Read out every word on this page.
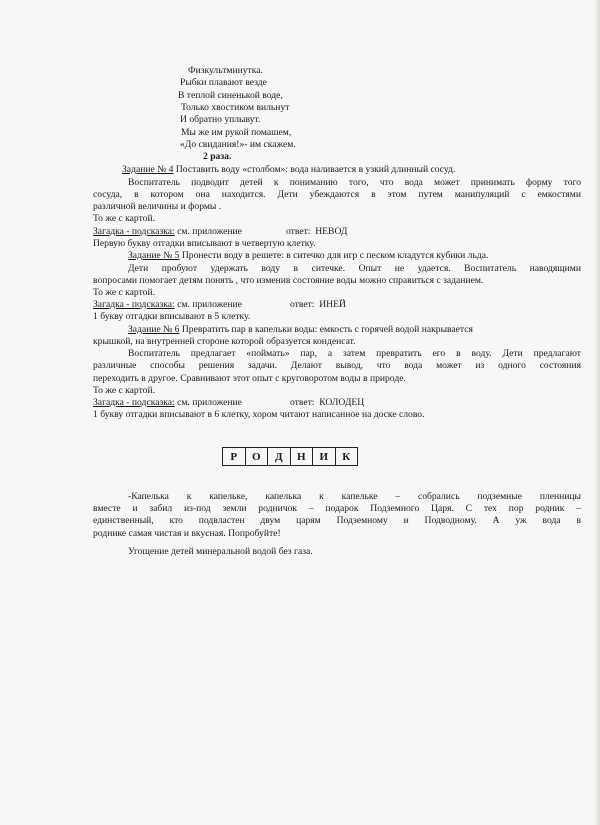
Физкультминутка.
Рыбки плавают везде
В теплой синенькой воде,
Только хвостиком вильнут
И обратно уплывут.
Мы же им рукой помашем,
«До свидания!»- им скажем.
2 раза.
Задание № 4 Поставить воду «столбом»: вода наливается в узкий длинный сосуд.
Воспитатель подводит детей к пониманию того, что вода может принимать форму того
сосуда, в котором она находится. Дети убеждаются в этом путем манипуляций с емкостями
различной величины и формы .
То же с картой.
Загадка - подсказка: см. приложение	ответ: НЕВОД
Первую букву отгадки вписывают в четвертую клетку.
Задание № 5 Пронести воду в решете: в ситечко для игр с песком кладутся кубики льда.
Дети пробуют удержать воду в ситечке. Опыт не удается. Воспитатель наводящими
вопросами помогает детям понять , что изменив состояние воды можно справиться с заданием.
То же с картой.
Загадка - подсказка: см. приложение	ответ: ИНЕЙ
1 букву отгадки вписывают в 5 клетку.
Задание № 6 Превратить пар в капельки воды: емкость с горячей водой накрывается
крышкой, на внутренней стороне которой образуется конденсат.
Воспитатель предлагает «поймать» пар, а затем превратить его в воду. Дети предлагают
различные способы решения задачи. Делают вывод, что вода может из одного состояния
переходить в другое. Сравнивают этот опыт с круговоротом воды в природе.
То же с картой.
Загадка - подсказка: см. приложение	ответ: КОЛОДЕЦ
1 букву отгадки вписывают в 6 клетку, хором читают написанное на доске слово.
Р	О	Д	Н	И	К
-Капелька к капельке, капелька к капельке – собрались подземные пленницы
вместе и забил из-под земли родничок – подарок Подземного Царя. С тех пор родник –
единственный, кто подвластен двум царям Подземному и Подводному. А уж вода в
роднике самая чистая и вкусная. Попробуйте!
Угощение детей минеральной водой без газа.
